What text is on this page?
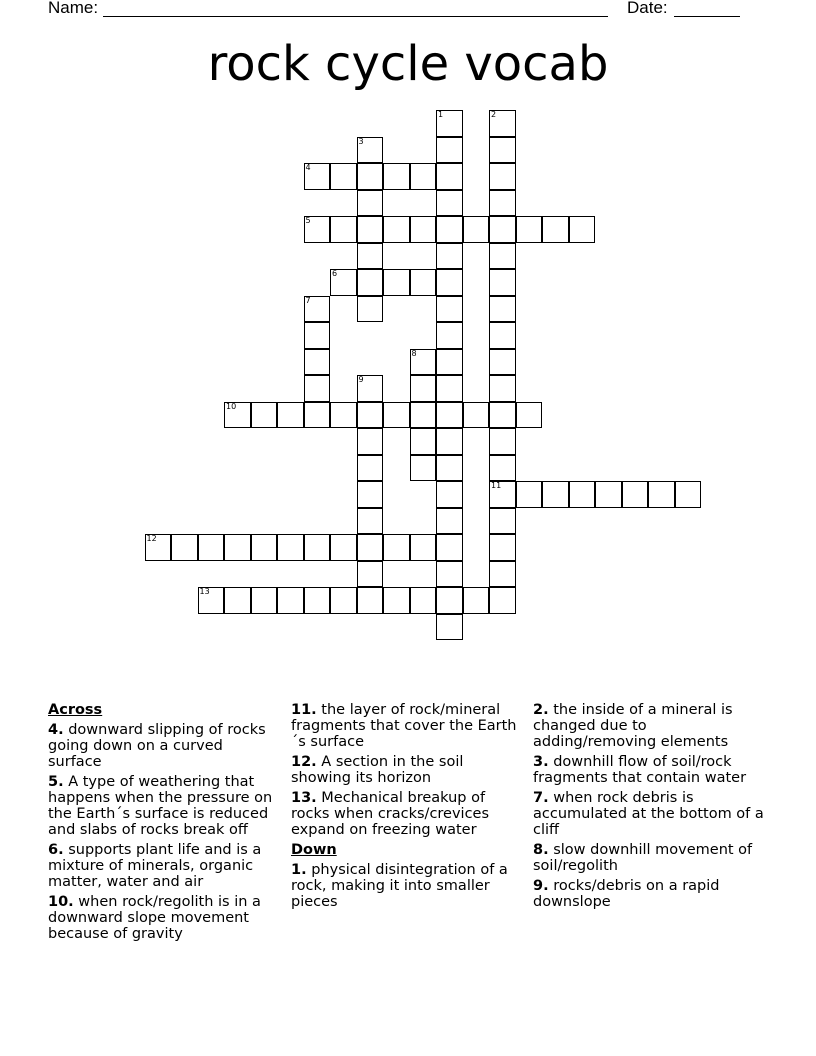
Name:	Date:
rock cycle vocab
1	2
11
3
4
5
6
7
8
9
10
12
13
Across
4. downward slipping of rocks going down on a curved surface
5. A type of weathering that happens when the pressure on the Earth´s surface is reduced and slabs of rocks break off
6. supports plant life and is a mixture of minerals, organic matter, water and air
10. when rock/regolith is in a downward slope movement because of gravity
11. the layer of rock/mineral fragments that cover the Earth´s surface
12. A section in the soil showing its horizon
13. Mechanical breakup of rocks when cracks/crevices expand on freezing water
Down
1. physical disintegration of a rock, making it into smaller pieces
2. the inside of a mineral is changed due to adding/removing elements
3. downhill flow of soil/rock fragments that contain water
7. when rock debris is accumulated at the bottom of a cliff
8. slow downhill movement of soil/regolith
9. rocks/debris on a rapid downslope
